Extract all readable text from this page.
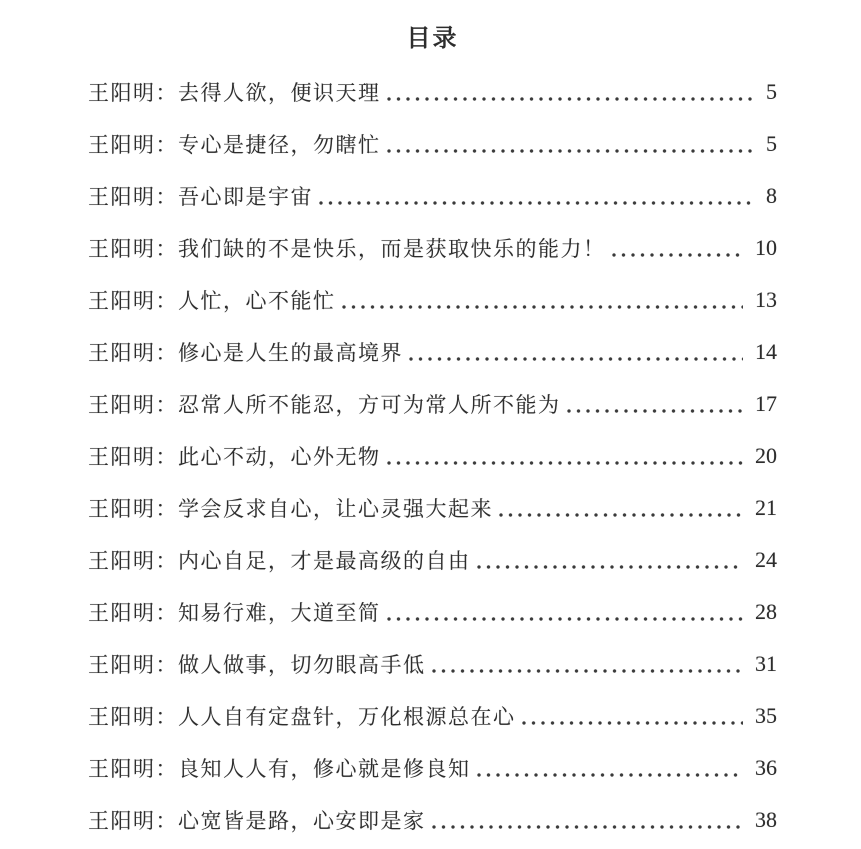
目录
王阳明：去得人欲，便识天理	5
王阳明：专心是捷径，勿瞎忙	5
王阳明：吾心即是宇宙	8
王阳明：我们缺的不是快乐，而是获取快乐的能力！	10
王阳明：人忙，心不能忙	13
王阳明：修心是人生的最高境界	14
王阳明：忍常人所不能忍，方可为常人所不能为	17
王阳明：此心不动，心外无物	20
王阳明：学会反求自心，让心灵强大起来	21
王阳明：内心自足，才是最高级的自由	24
王阳明：知易行难，大道至简	28
王阳明：做人做事，切勿眼高手低	31
王阳明：人人自有定盘针，万化根源总在心	35
王阳明：良知人人有，修心就是修良知	36
王阳明：心宽皆是路，心安即是家	38
